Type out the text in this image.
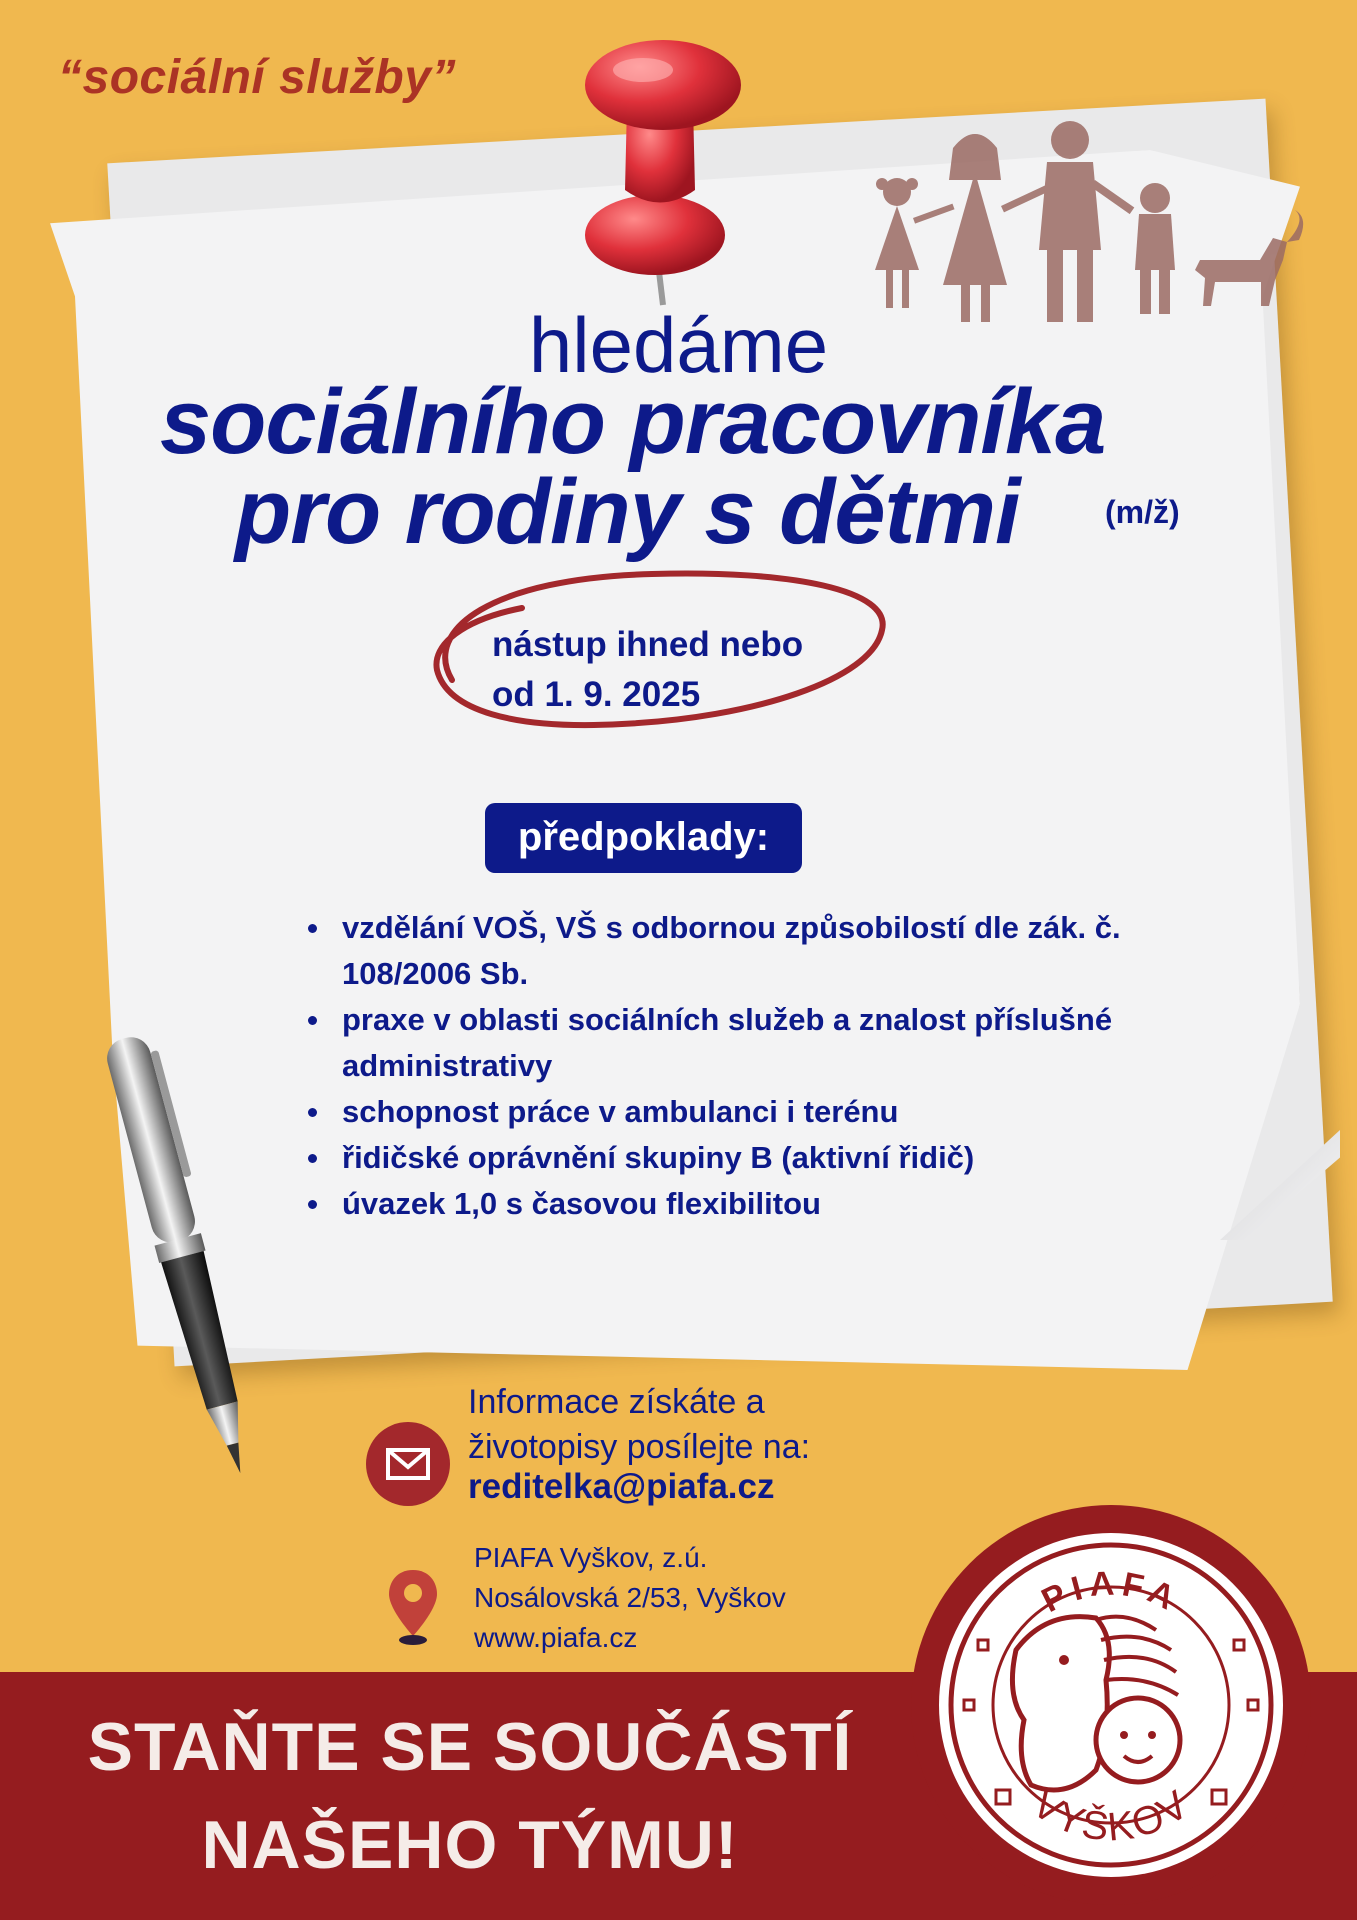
“sociální služby”
hledáme
sociálního pracovníka
pro rodiny s dětmi	(m/ž)
nástup ihned nebo
od 1. 9. 2025
předpoklady:
vzdělání VOŠ, VŠ s odbornou způsobilostí dle zák. č. 108/2006 Sb.
praxe v oblasti sociálních služeb a znalost příslušné administrativy
schopnost práce v ambulanci i terénu
řidičské oprávnění skupiny B (aktivní řidič)
úvazek 1,0 s časovou flexibilitou
Informace získáte a
životopisy posílejte na:
reditelka@piafa.cz
PIAFA Vyškov, z.ú.
Nosálovská 2/53, Vyškov
www.piafa.cz
STAŇTE SE SOUČÁSTÍ
NAŠEHO TÝMU!
PIAFA
VYŠKOV
